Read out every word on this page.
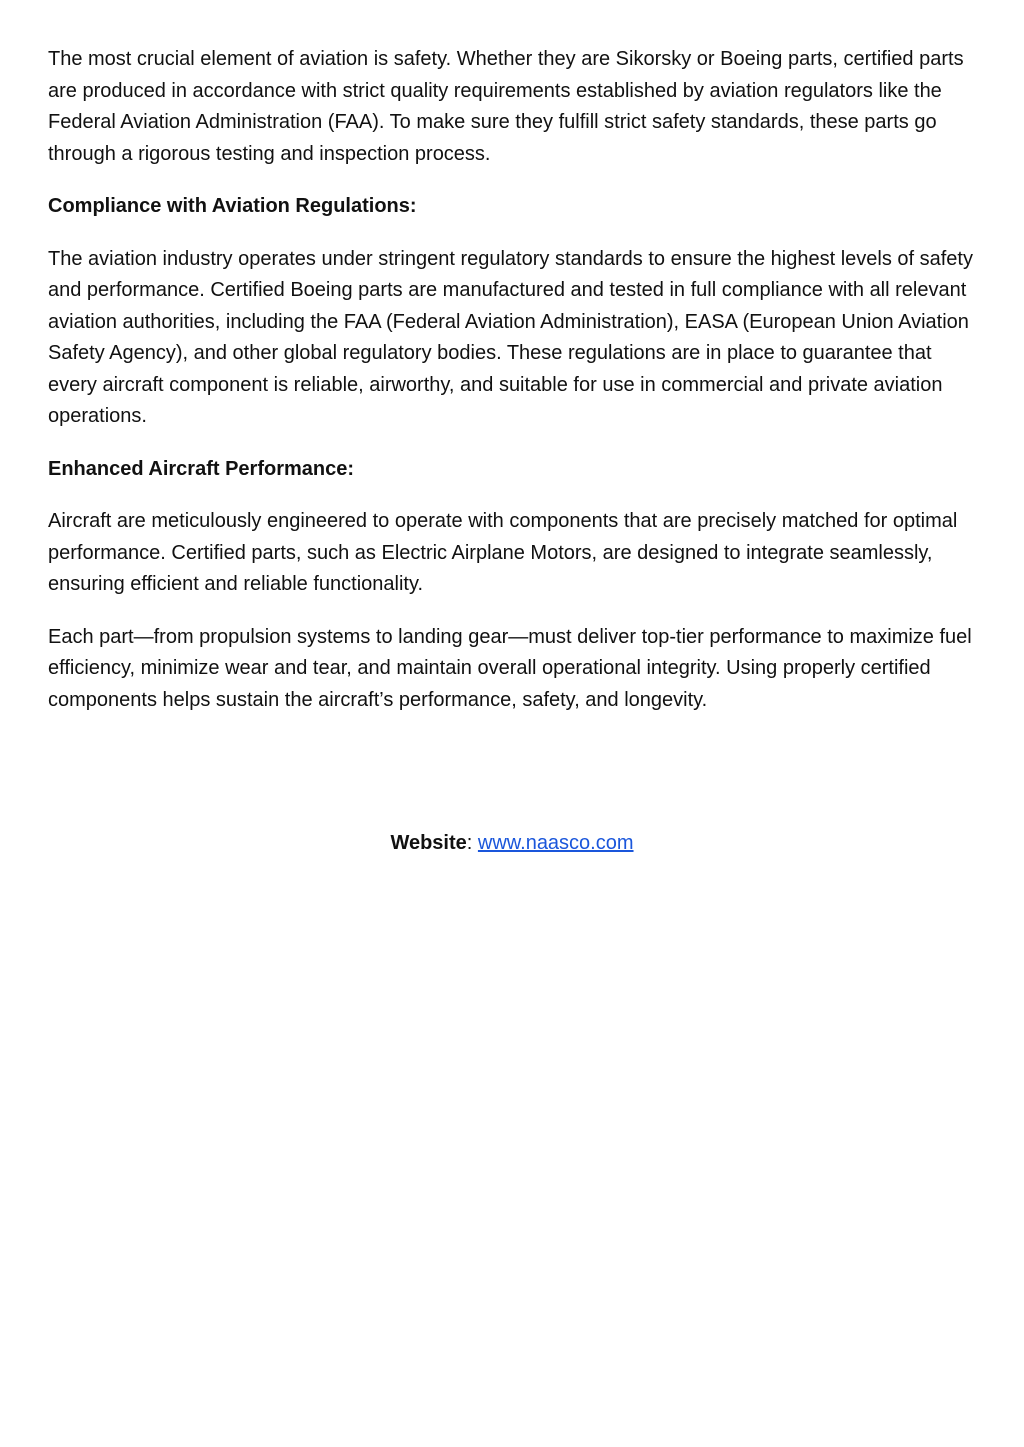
The most crucial element of aviation is safety. Whether they are Sikorsky or Boeing parts, certified parts are produced in accordance with strict quality requirements established by aviation regulators like the Federal Aviation Administration (FAA). To make sure they fulfill strict safety standards, these parts go through a rigorous testing and inspection process.

Compliance with Aviation Regulations:

The aviation industry operates under stringent regulatory standards to ensure the highest levels of safety and performance. Certified Boeing parts are manufactured and tested in full compliance with all relevant aviation authorities, including the FAA (Federal Aviation Administration), EASA (European Union Aviation Safety Agency), and other global regulatory bodies. These regulations are in place to guarantee that every aircraft component is reliable, airworthy, and suitable for use in commercial and private aviation operations.

Enhanced Aircraft Performance:

Aircraft are meticulously engineered to operate with components that are precisely matched for optimal performance. Certified parts, such as Electric Airplane Motors, are designed to integrate seamlessly, ensuring efficient and reliable functionality.

Each part—from propulsion systems to landing gear—must deliver top-tier performance to maximize fuel efficiency, minimize wear and tear, and maintain overall operational integrity. Using properly certified components helps sustain the aircraft’s performance, safety, and longevity.

Website: www.naasco.com
